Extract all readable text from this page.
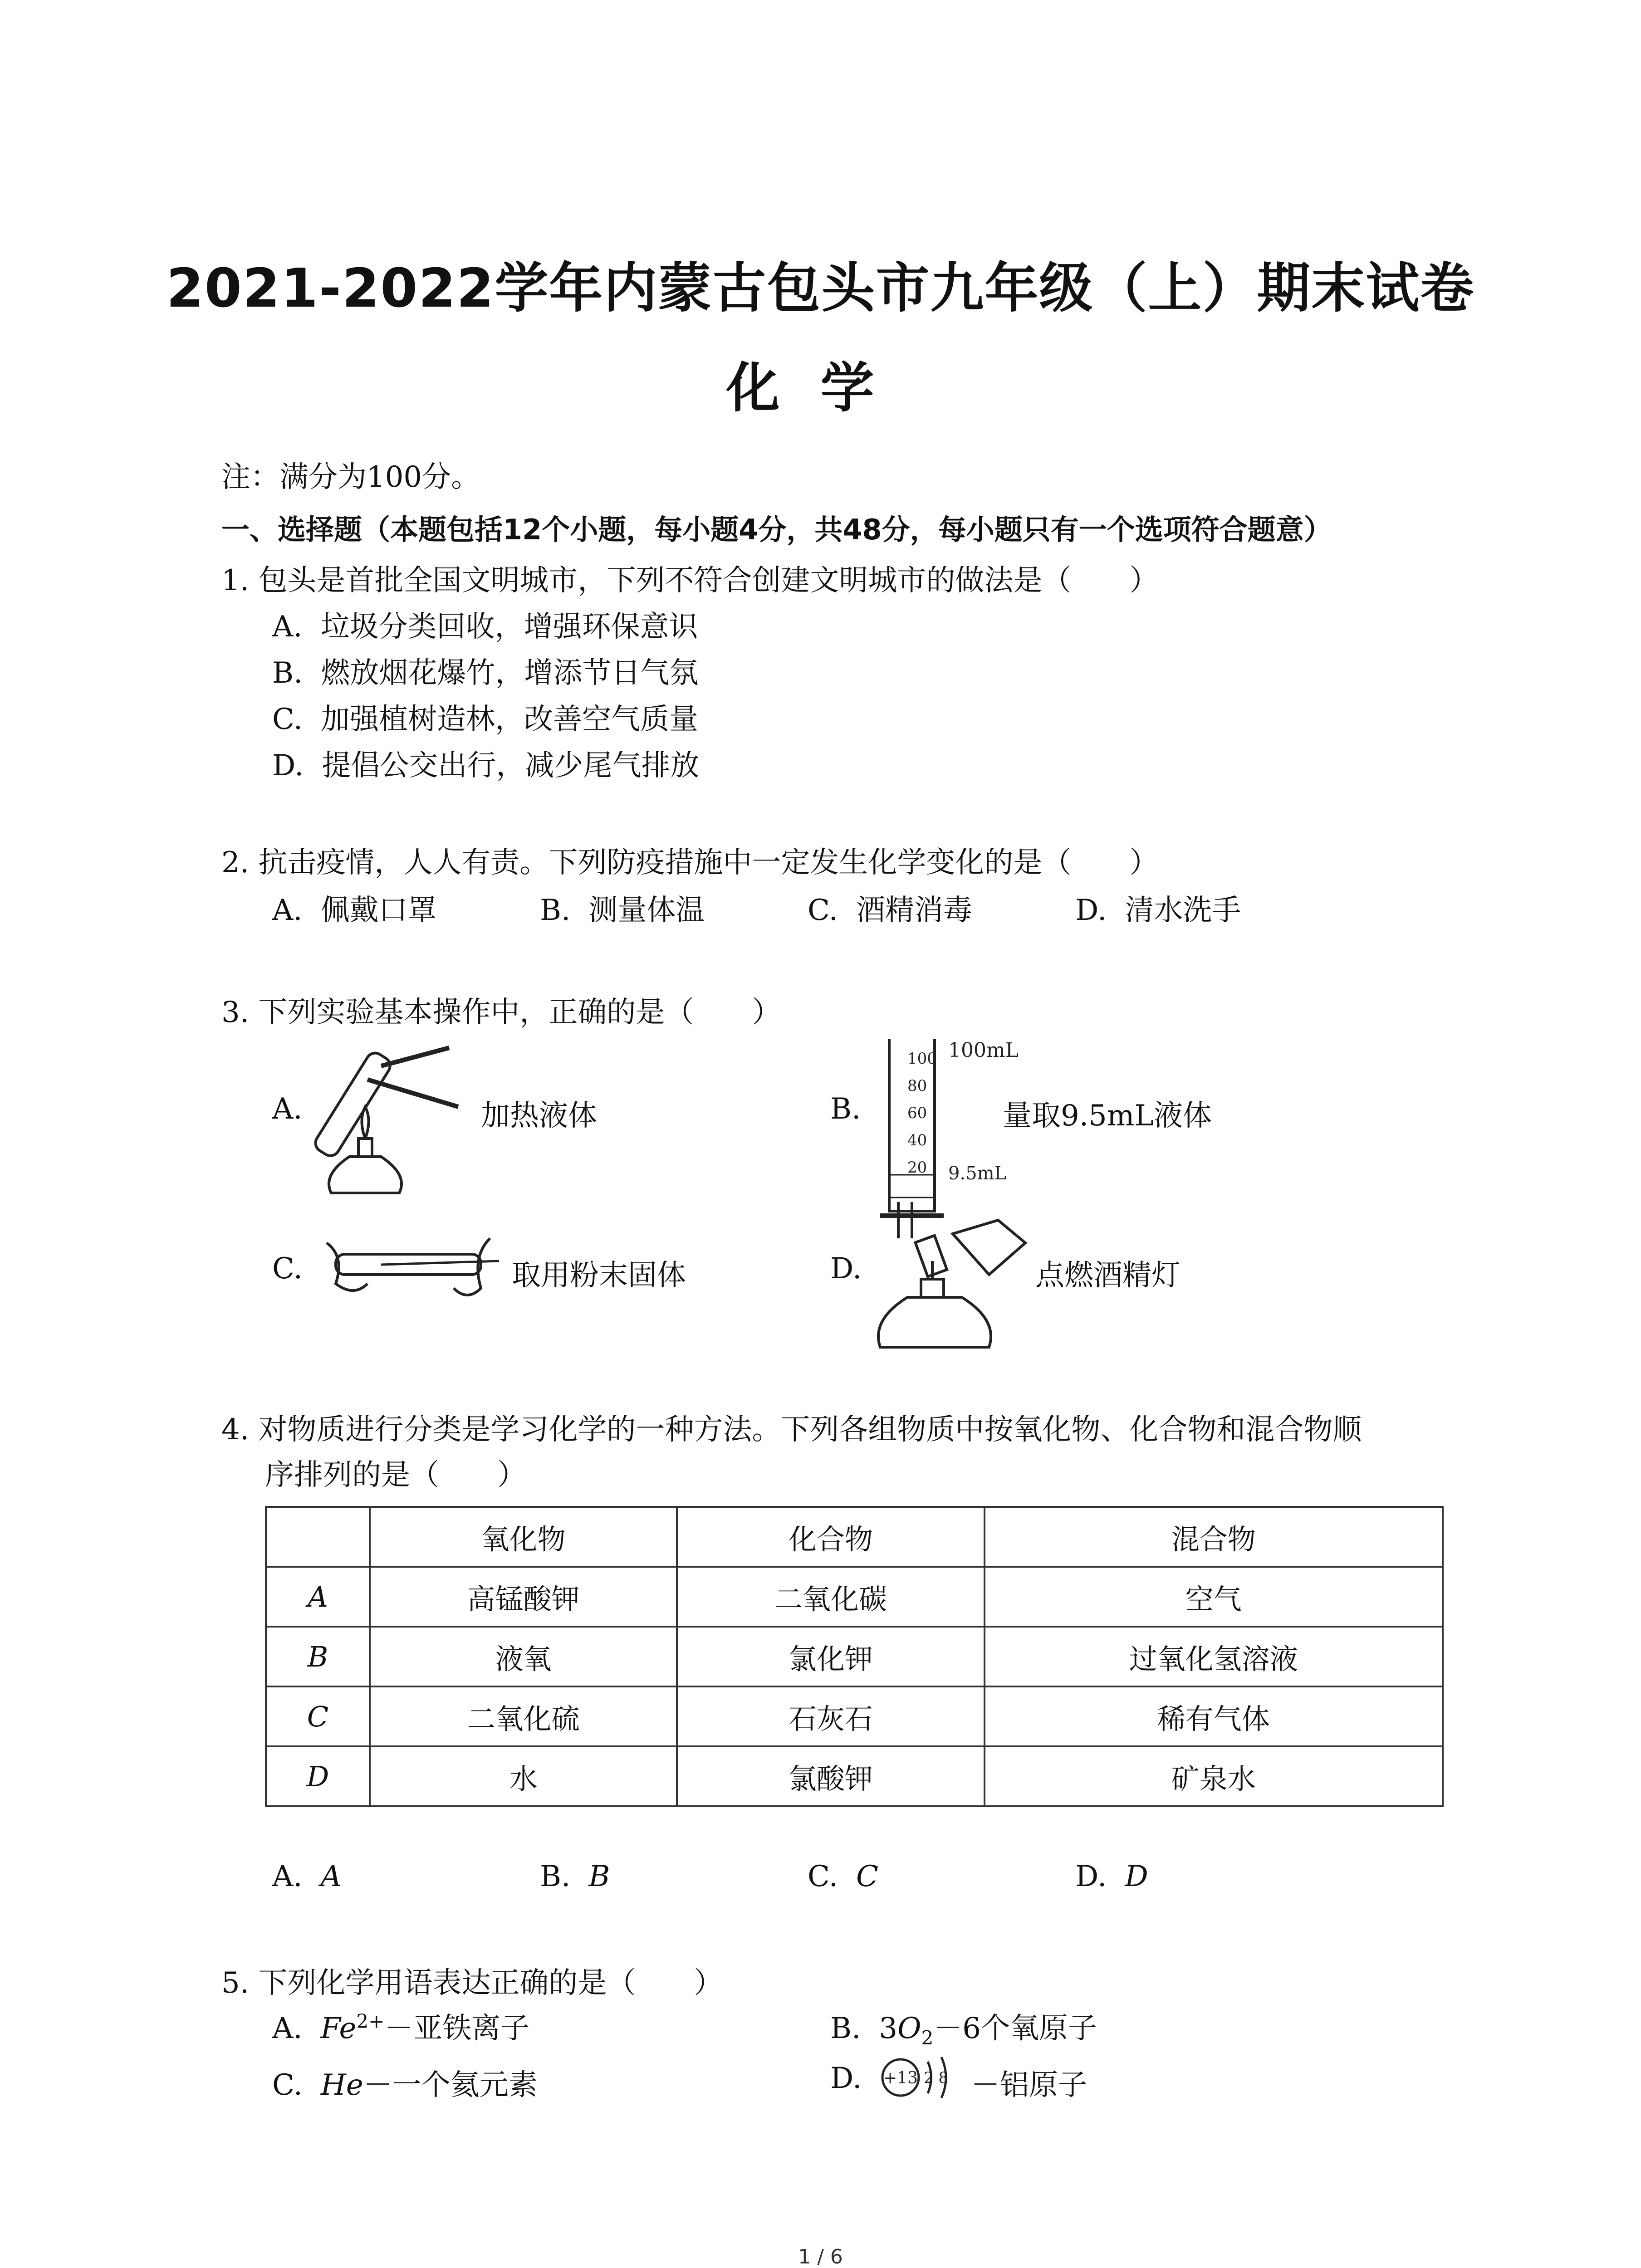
2021-2022学年内蒙古包头市九年级（上）期末试卷
化学
注：满分为100分。
一、选择题（本题包括12个小题，每小题4分，共48分，每小题只有一个选项符合题意）
1. 包头是首批全国文明城市，下列不符合创建文明城市的做法是（　　）
A. 垃圾分类回收，增强环保意识
B. 燃放烟花爆竹，增添节日气氛
C. 加强植树造林，改善空气质量
D. 提倡公交出行，减少尾气排放
2. 抗击疫情，人人有责。下列防疫措施中一定发生化学变化的是（　　）
A. 佩戴口罩	B. 测量体温	C. 酒精消毒	D. 清水洗手
3. 下列实验基本操作中，正确的是（　　）
A.	加热液体	B.
100
80
60
40
20
100mL
9.5mL
量取9.5mL液体
C.	取用粉末固体	D.	点燃酒精灯
4. 对物质进行分类是学习化学的一种方法。下列各组物质中按氧化物、化合物和混合物顺
序排列的是（　　）
	氧化物	化合物	混合物
A	高锰酸钾	二氧化碳	空气
B	液氧	氯化钾	过氧化氢溶液
C	二氧化硫	石灰石	稀有气体
D	水	氯酸钾	矿泉水
A. A	B. B	C. C	D. D
5. 下列化学用语表达正确的是（　　）
A. $Fe^{2+}-$亚铁离子	B. $3O_2-6$个氧原子
C. He－一个氦元素	D. +13 2 8 －铝原子
1 / 6
